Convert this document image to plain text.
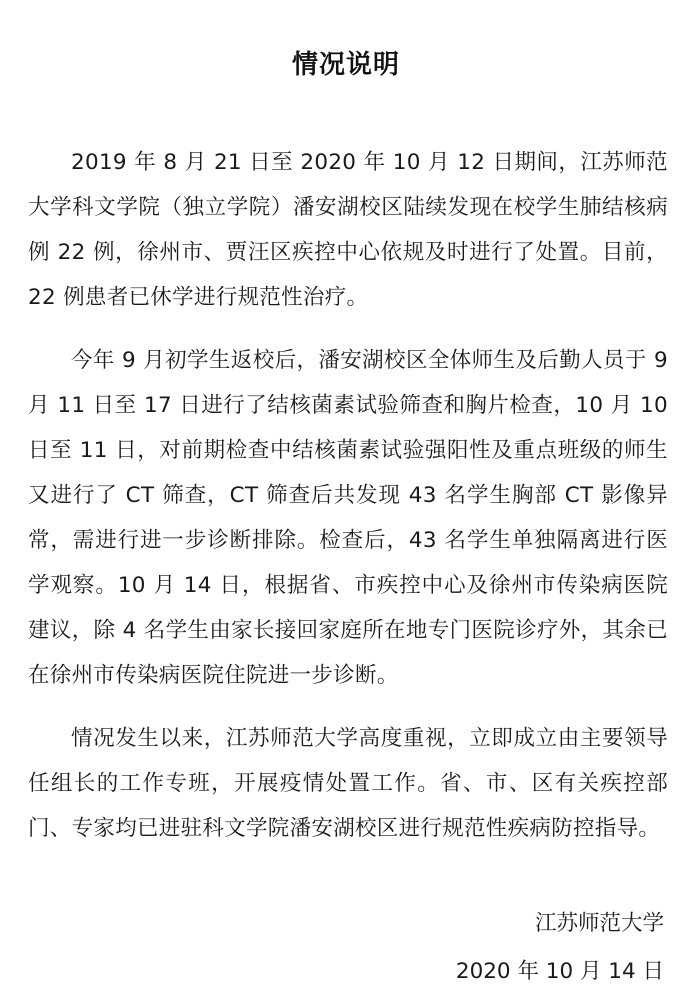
情况说明

2019 年 8 月 21 日至 2020 年 10 月 12 日期间，江苏师范大学科文学院（独立学院）潘安湖校区陆续发现在校学生肺结核病例 22 例，徐州市、贾汪区疾控中心依规及时进行了处置。目前，22 例患者已休学进行规范性治疗。

今年 9 月初学生返校后，潘安湖校区全体师生及后勤人员于 9 月 11 日至 17 日进行了结核菌素试验筛查和胸片检查，10 月 10 日至 11 日，对前期检查中结核菌素试验强阳性及重点班级的师生又进行了 CT 筛查，CT 筛查后共发现 43 名学生胸部 CT 影像异常，需进行进一步诊断排除。检查后，43 名学生单独隔离进行医学观察。10 月 14 日，根据省、市疾控中心及徐州市传染病医院建议，除 4 名学生由家长接回家庭所在地专门医院诊疗外，其余已在徐州市传染病医院住院进一步诊断。

情况发生以来，江苏师范大学高度重视，立即成立由主要领导任组长的工作专班，开展疫情处置工作。省、市、区有关疾控部门、专家均已进驻科文学院潘安湖校区进行规范性疾病防控指导。

江苏师范大学
2020 年 10 月 14 日
